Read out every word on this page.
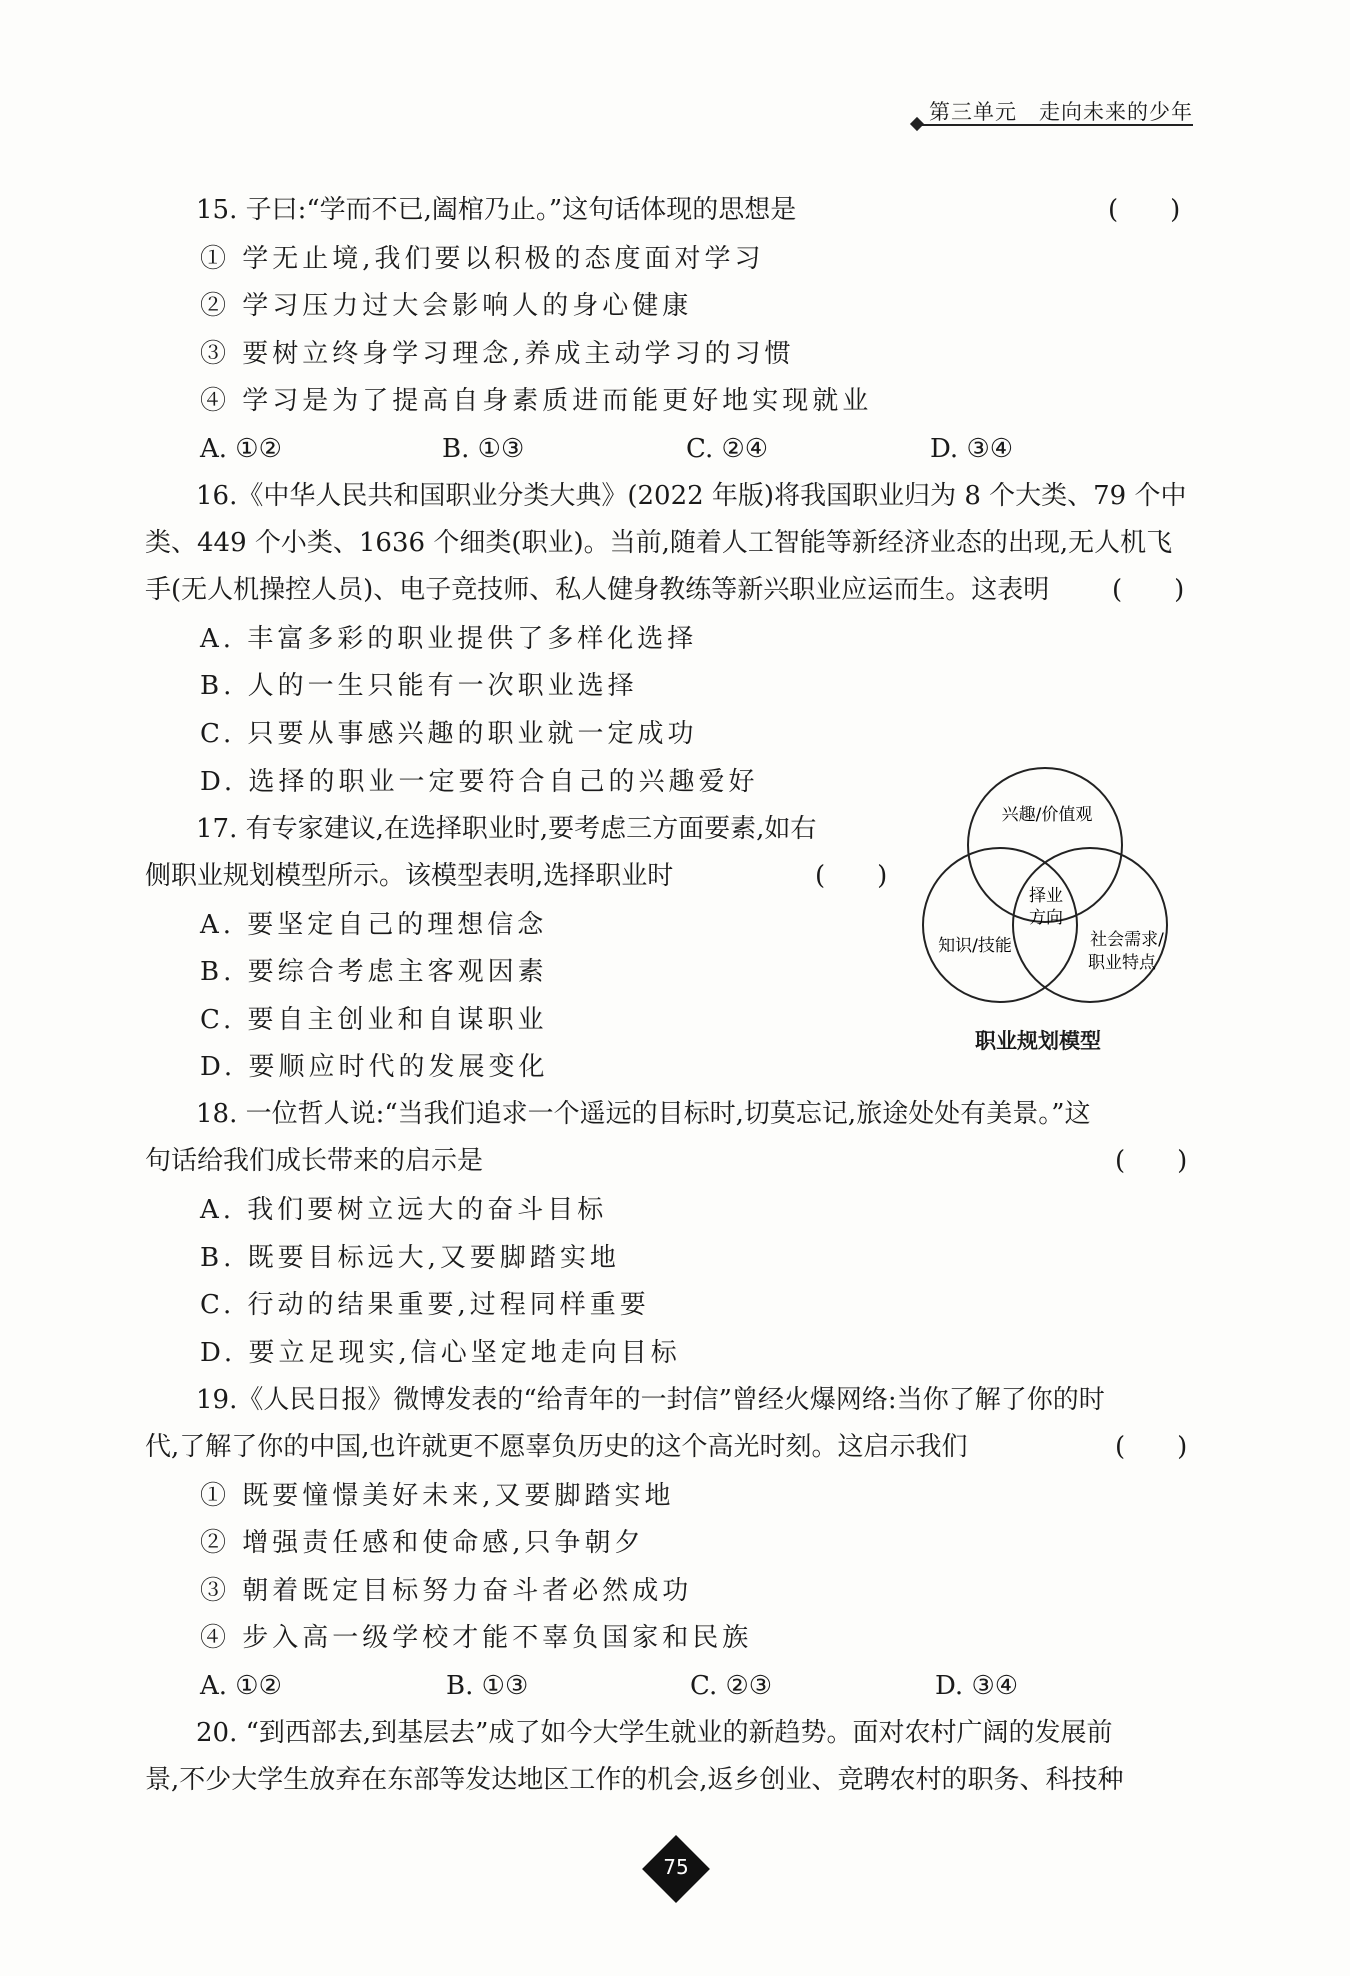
第三单元　走向未来的少年
15. 子曰:“学而不已,阖棺乃止。”这句话体现的思想是	(　　)
① 学无止境,我们要以积极的态度面对学习
② 学习压力过大会影响人的身心健康
③ 要树立终身学习理念,养成主动学习的习惯
④ 学习是为了提高自身素质进而能更好地实现就业
A. ①②	B. ①③	C. ②④	D. ③④
16.《中华人民共和国职业分类大典》(2022 年版)将我国职业归为 8 个大类、79 个中
类、449 个小类、1636 个细类(职业)。当前,随着人工智能等新经济业态的出现,无人机飞
手(无人机操控人员)、电子竞技师、私人健身教练等新兴职业应运而生。这表明 (　　)
A. 丰富多彩的职业提供了多样化选择
B. 人的一生只能有一次职业选择
C. 只要从事感兴趣的职业就一定成功
D. 选择的职业一定要符合自己的兴趣爱好
17. 有专家建议,在选择职业时,要考虑三方面要素,如右
侧职业规划模型所示。该模型表明,选择职业时	(　　)
A. 要坚定自己的理想信念
B. 要综合考虑主客观因素
C. 要自主创业和自谋职业
D. 要顺应时代的发展变化
18. 一位哲人说:“当我们追求一个遥远的目标时,切莫忘记,旅途处处有美景。”这
句话给我们成长带来的启示是	(　　)
A. 我们要树立远大的奋斗目标
B. 既要目标远大,又要脚踏实地
C. 行动的结果重要,过程同样重要
D. 要立足现实,信心坚定地走向目标
19.《人民日报》微博发表的“给青年的一封信”曾经火爆网络:当你了解了你的时
代,了解了你的中国,也许就更不愿辜负历史的这个高光时刻。这启示我们	(　　)
① 既要憧憬美好未来,又要脚踏实地
② 增强责任感和使命感,只争朝夕
③ 朝着既定目标努力奋斗者必然成功
④ 步入高一级学校才能不辜负国家和民族
A. ①②	B. ①③	C. ②③	D. ③④
20. “到西部去,到基层去”成了如今大学生就业的新趋势。面对农村广阔的发展前
景,不少大学生放弃在东部等发达地区工作的机会,返乡创业、竞聘农村的职务、科技种
兴趣/价值观
知识/技能	社会需求/
职业特点
择业
方向
职业规划模型
75
